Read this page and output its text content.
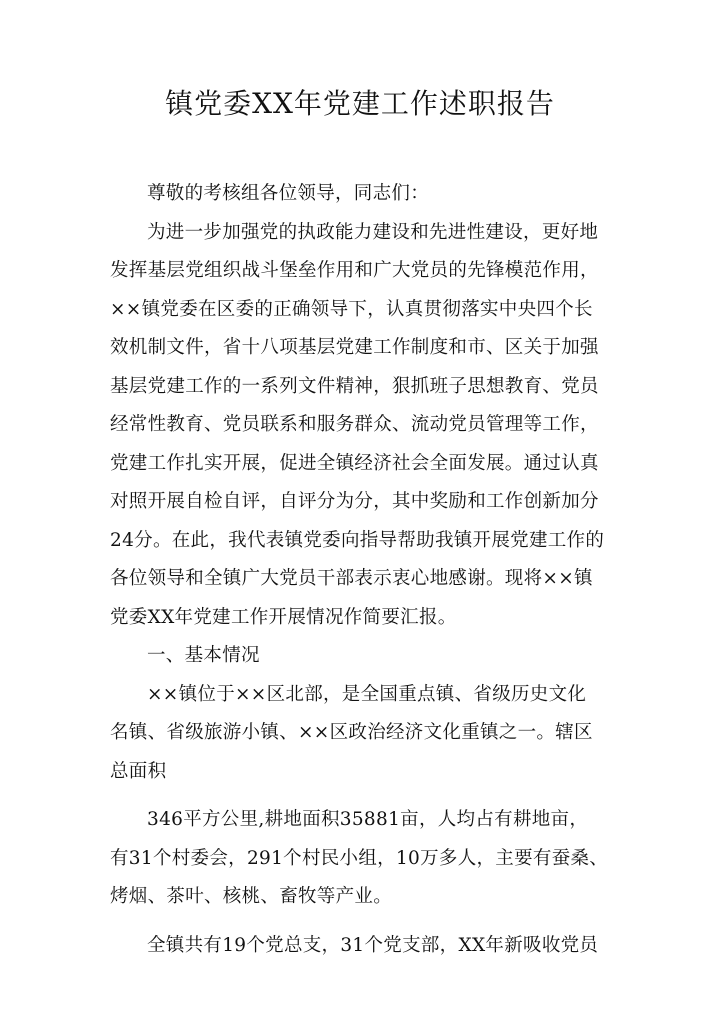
镇党委XX年党建工作述职报告
尊敬的考核组各位领导，同志们：
为进一步加强党的执政能力建设和先进性建设，更好地
发挥基层党组织战斗堡垒作用和广大党员的先锋模范作用，
××镇党委在区委的正确领导下，认真贯彻落实中央四个长
效机制文件，省十八项基层党建工作制度和市、区关于加强
基层党建工作的一系列文件精神，狠抓班子思想教育、党员
经常性教育、党员联系和服务群众、流动党员管理等工作，
党建工作扎实开展，促进全镇经济社会全面发展。通过认真
对照开展自检自评，自评分为分，其中奖励和工作创新加分
24分。在此，我代表镇党委向指导帮助我镇开展党建工作的
各位领导和全镇广大党员干部表示衷心地感谢。现将××镇
党委XX年党建工作开展情况作简要汇报。
一、基本情况
××镇位于××区北部，是全国重点镇、省级历史文化
名镇、省级旅游小镇、××区政治经济文化重镇之一。辖区
总面积
346平方公里,耕地面积35881亩，人均占有耕地亩，
有31个村委会，291个村民小组，10万多人，主要有蚕桑、
烤烟、茶叶、核桃、畜牧等产业。
全镇共有19个党总支，31个党支部，XX年新吸收党员
